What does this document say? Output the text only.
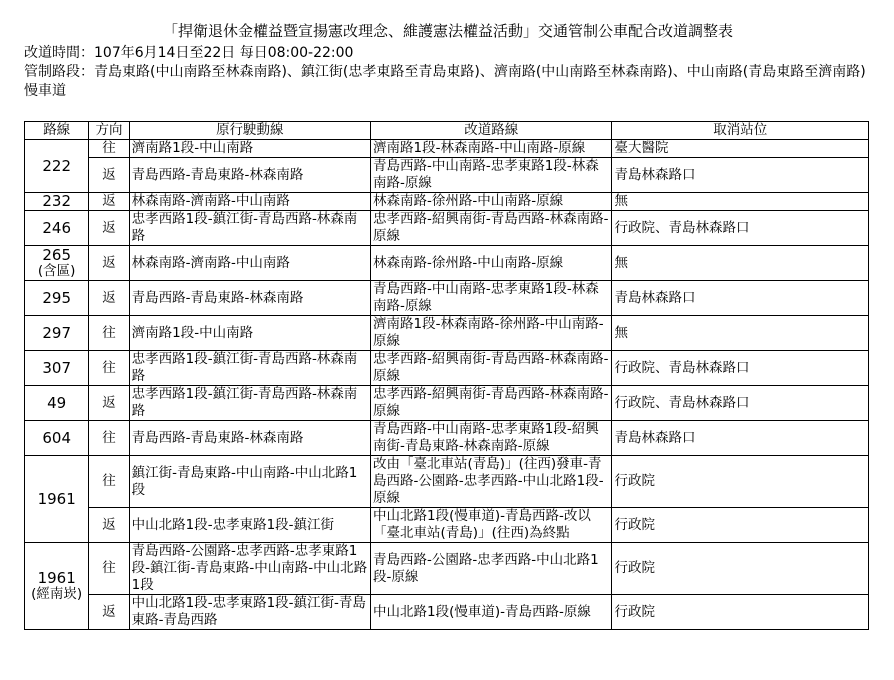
「捍衛退休金權益暨宣揚憲改理念、維護憲法權益活動」交通管制公車配合改道調整表
改道時間：107年6月14日至22日 每日08:00-22:00
管制路段：青島東路(中山南路至林森南路)、鎮江街(忠孝東路至青島東路)、濟南路(中山南路至林森南路)、中山南路(青島東路至濟南路)慢車道
路線	方向	原行駛動線	改道路線	取消站位
222	往	濟南路1段-中山南路	濟南路1段-林森南路-中山南路-原線	臺大醫院
	返	青島西路-青島東路-林森南路	青島西路-中山南路-忠孝東路1段-林森南路-原線	青島林森路口
232	返	林森南路-濟南路-中山南路	林森南路-徐州路-中山南路-原線	無
246	返	忠孝西路1段-鎮江街-青島西路-林森南路	忠孝西路-紹興南街-青島西路-林森南路-原線	行政院、青島林森路口
265
(含區)	返	林森南路-濟南路-中山南路	林森南路-徐州路-中山南路-原線	無
295	返	青島西路-青島東路-林森南路	青島西路-中山南路-忠孝東路1段-林森南路-原線	青島林森路口
297	往	濟南路1段-中山南路	濟南路1段-林森南路-徐州路-中山南路-原線	無
307	往	忠孝西路1段-鎮江街-青島西路-林森南路	忠孝西路-紹興南街-青島西路-林森南路-原線	行政院、青島林森路口
49	返	忠孝西路1段-鎮江街-青島西路-林森南路	忠孝西路-紹興南街-青島西路-林森南路-原線	行政院、青島林森路口
604	往	青島西路-青島東路-林森南路	青島西路-中山南路-忠孝東路1段-紹興南街-青島東路-林森南路-原線	青島林森路口
1961	往	鎮江街-青島東路-中山南路-中山北路1段	改由「臺北車站(青島)」(往西)發車-青島西路-公園路-忠孝西路-中山北路1段-原線	行政院
	返	中山北路1段-忠孝東路1段-鎮江街	中山北路1段(慢車道)-青島西路-改以「臺北車站(青島)」(往西)為終點	行政院
1961
(經南崁)	往	青島西路-公園路-忠孝西路-忠孝東路1段-鎮江街-青島東路-中山南路-中山北路1段	青島西路-公園路-忠孝西路-中山北路1段-原線	行政院
	返	中山北路1段-忠孝東路1段-鎮江街-青島東路-青島西路	中山北路1段(慢車道)-青島西路-原線	行政院
